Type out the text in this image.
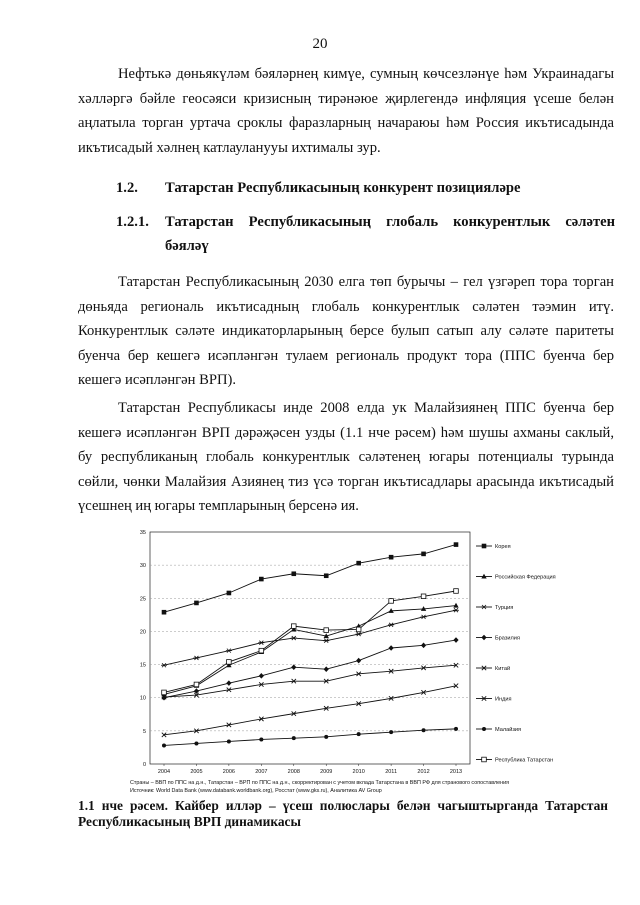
20

Нефтькә дөньякүләм бәяләрнең кимүе, сумның көчсезләнүе һәм Украинадагы хәлләргә бәйле геосәяси кризисның тирәнәюе җирлегендә инфляция үсеше белән аңлатыла торган уртача сроклы фаразларның начараюы һәм Россия икътисадында икътисадый хәлнең катлауланууы ихтималы зур.

1.2. Татарстан Республикасының конкурент позицияләре
1.2.1. Татарстан Республикасының глобаль конкурентлык сәләтен
бәяләү

Татарстан Республикасының 2030 елга төп бурычы – гел үзгәреп тора торган дөньяда региональ икътисадның глобаль конкурентлык сәләтен тәэмин итү. Конкурентлык сәләте индикаторларының берсе булып сатып алу сәләте паритеты буенча бер кешегә исәпләнгән тулаем региональ продукт тора (ППС буенча бер кешегә исәпләнгән ВРП).

Татарстан Республикасы инде 2008 елда ук Малайзиянең ППС буенча бер кешегә исәпләнгән ВРП дәрәҗәсен узды (1.1 нче рәсем) һәм шушы ахманы саклый, бу республиканың глобаль конкурентлык сәләтенең югары потенциалы турында сөйли, чөнки Малайзия Азиянең тиз үсә торган икътисадлары арасында икътисадый үсешнең иң югары темпларының берсенә ия.

Страны – ВВП по ППС на д.н., Татарстан – ВРП по ППС на д.н., скорректирован с учетом вклада Татарстана в ВВП РФ для странового сопоставления
Источник: World Data Bank (www.databank.worldbank.org), Росстат (www.gks.ru), Аналитика AV Group
0
5
10
15
20
25
30
35
2004	2005	2006	2007	2008	2009	2010	2011	2012	2013
Корея
Российская Федерация
Турция
Бразилия
Китай
Индия
Малайзия
Республика Татарстан

1.1 нче рәсем. Кайбер илләр – үсеш полюслары белән чагыштырганда Татарстан Республикасының ВРП динамикасы
